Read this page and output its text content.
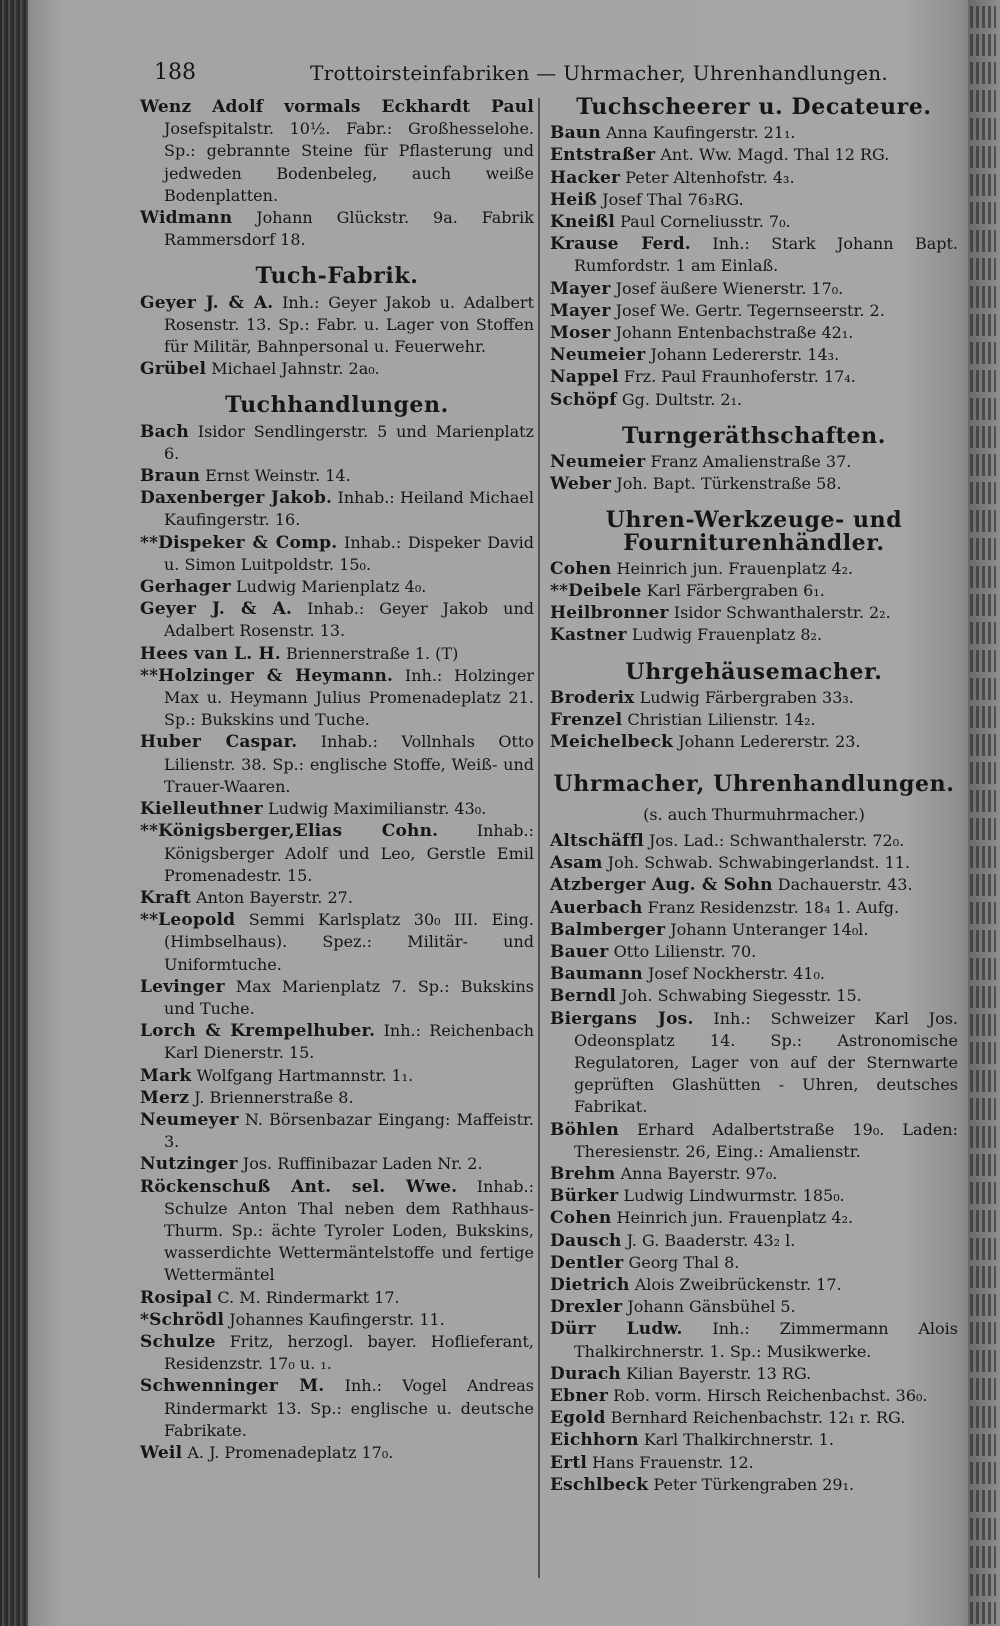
188	Trottoirsteinfabriken — Uhrmacher, Uhrenhandlungen.

Wenz Adolf vormals Eckhardt Paul Josefspitalstr. 10½. Fabr.: Großhesselohe. Sp.: gebrannte Steine für Pflasterung und jedweden Bodenbeleg, auch weiße Bodenplatten.

Widmann Johann Glückstr. 9a. Fabrik Rammersdorf 18.

Tuch-Fabrik.

Geyer J. & A. Inh.: Geyer Jakob u. Adalbert Rosenstr. 13. Sp.: Fabr. u. Lager von Stoffen für Militär, Bahnpersonal u. Feuerwehr.

Grübel Michael Jahnstr. 2a₀.

Tuchhandlungen.

Bach Isidor Sendlingerstr. 5 und Marienplatz 6.

Braun Ernst Weinstr. 14.

Daxenberger Jakob. Inhab.: Heiland Michael Kaufingerstr. 16.

**Dispeker & Comp. Inhab.: Dispeker David u. Simon Luitpoldstr. 15₀.

Gerhager Ludwig Marienplatz 4₀.

Geyer J. & A. Inhab.: Geyer Jakob und Adalbert Rosenstr. 13.

Hees van L. H. Briennerstraße 1. (T)

**Holzinger & Heymann. Inh.: Holzinger Max u. Heymann Julius Promenadeplatz 21. Sp.: Bukskins und Tuche.

Huber Caspar. Inhab.: Vollnhals Otto Lilienstr. 38. Sp.: englische Stoffe, Weiß- und Trauer-Waaren.

Kielleuthner Ludwig Maximilianstr. 43₀.

**Königsberger,Elias Cohn. Inhab.: Königsberger Adolf und Leo, Gerstle Emil Promenadestr. 15.

Kraft Anton Bayerstr. 27.

**Leopold Semmi Karlsplatz 30₀ III. Eing. (Himbselhaus). Spez.: Militär- und Uniformtuche.

Levinger Max Marienplatz 7. Sp.: Bukskins und Tuche.

Lorch & Krempelhuber. Inh.: Reichenbach Karl Dienerstr. 15.

Mark Wolfgang Hartmannstr. 1₁.

Merz J. Briennerstraße 8.

Neumeyer N. Börsenbazar Eingang: Maffeistr. 3.

Nutzinger Jos. Ruffinibazar Laden Nr. 2.

Röckenschuß Ant. sel. Wwe. Inhab.: Schulze Anton Thal neben dem Rathhaus-Thurm. Sp.: ächte Tyroler Loden, Bukskins, wasserdichte Wettermäntelstoffe und fertige Wettermäntel

Rosipal C. M. Rindermarkt 17.

*Schrödl Johannes Kaufingerstr. 11.

Schulze Fritz, herzogl. bayer. Hoflieferant, Residenzstr. 17₀ u. ₁.

Schwenninger M. Inh.: Vogel Andreas Rindermarkt 13. Sp.: englische u. deutsche Fabrikate.

Weil A. J. Promenadeplatz 17₀.

Tuchscheerer u. Decateure.

Baun Anna Kaufingerstr. 21₁.

Entstraßer Ant. Ww. Magd. Thal 12 RG.

Hacker Peter Altenhofstr. 4₃.

Heiß Josef Thal 76₃RG.

Kneißl Paul Corneliusstr. 7₀.

Krause Ferd. Inh.: Stark Johann Bapt. Rumfordstr. 1 am Einlaß.

Mayer Josef äußere Wienerstr. 17₀.

Mayer Josef We. Gertr. Tegernseerstr. 2.

Moser Johann Entenbachstraße 42₁.

Neumeier Johann Ledererstr. 14₃.

Nappel Frz. Paul Fraunhoferstr. 17₄.

Schöpf Gg. Dultstr. 2₁.

Turngeräthschaften.

Neumeier Franz Amalienstraße 37.

Weber Joh. Bapt. Türkenstraße 58.

Uhren-Werkzeuge- und Fourniturenhändler.

Cohen Heinrich jun. Frauenplatz 4₂.

**Deibele Karl Färbergraben 6₁.

Heilbronner Isidor Schwanthalerstr. 2₂.

Kastner Ludwig Frauenplatz 8₂.

Uhrgehäusemacher.

Broderix Ludwig Färbergraben 33₃.

Frenzel Christian Lilienstr. 14₂.

Meichelbeck Johann Ledererstr. 23.

Uhrmacher, Uhrenhandlungen.

(s. auch Thurmuhrmacher.)

Altschäffl Jos. Lad.: Schwanthalerstr. 72₀.

Asam Joh. Schwab. Schwabingerlandst. 11.

Atzberger Aug. & Sohn Dachauerstr. 43.

Auerbach Franz Residenzstr. 18₄ 1. Aufg.

Balmberger Johann Unteranger 14₀l.

Bauer Otto Lilienstr. 70.

Baumann Josef Nockherstr. 41₀.

Berndl Joh. Schwabing Siegesstr. 15.

Biergans Jos. Inh.: Schweizer Karl Jos. Odeonsplatz 14. Sp.: Astronomische Regulatoren, Lager von auf der Sternwarte geprüften Glashütten - Uhren, deutsches Fabrikat.

Böhlen Erhard Adalbertstraße 19₀. Laden: Theresienstr. 26, Eing.: Amalienstr.

Brehm Anna Bayerstr. 97₀.

Bürker Ludwig Lindwurmstr. 185₀.

Cohen Heinrich jun. Frauenplatz 4₂.

Dausch J. G. Baaderstr. 43₂ l.

Dentler Georg Thal 8.

Dietrich Alois Zweibrückenstr. 17.

Drexler Johann Gänsbühel 5.

Dürr Ludw. Inh.: Zimmermann Alois Thalkirchnerstr. 1. Sp.: Musikwerke.

Durach Kilian Bayerstr. 13 RG.

Ebner Rob. vorm. Hirsch Reichenbachst. 36₀.

Egold Bernhard Reichenbachstr. 12₁ r. RG.

Eichhorn Karl Thalkirchnerstr. 1.

Ertl Hans Frauenstr. 12.

Eschlbeck Peter Türkengraben 29₁.
